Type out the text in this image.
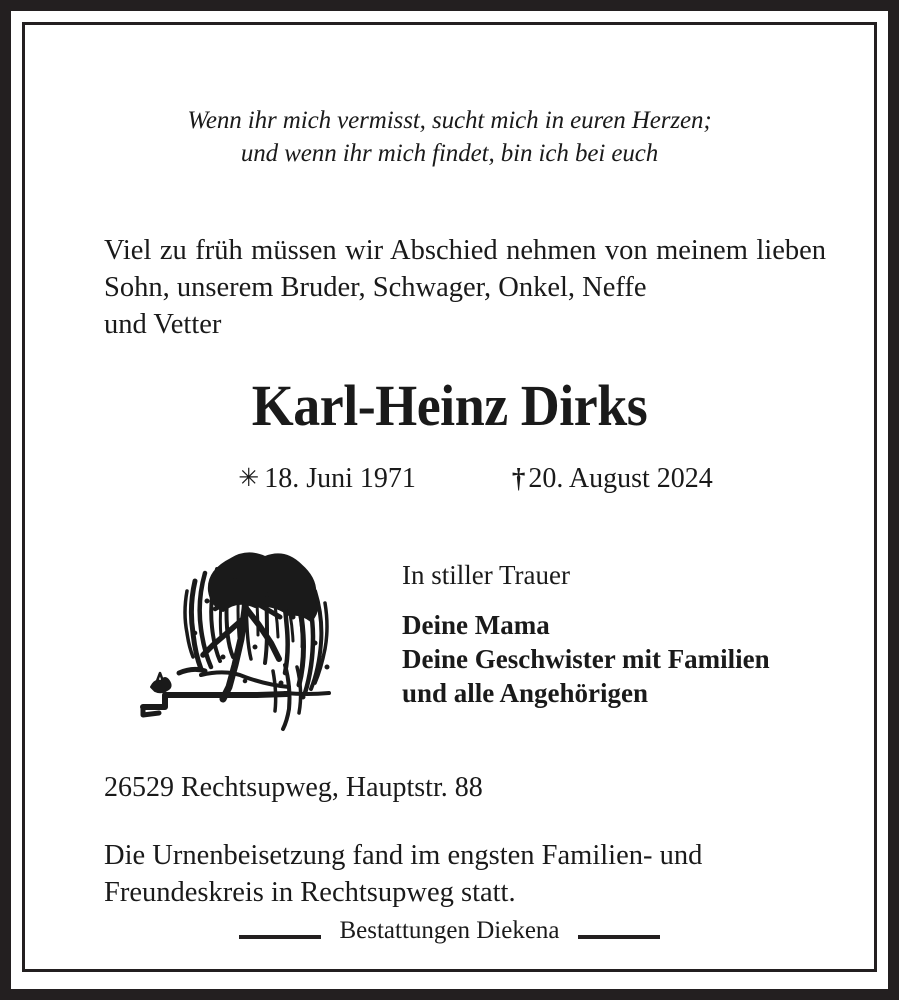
Wenn ihr mich vermisst, sucht mich in euren Herzen;
und wenn ihr mich findet, bin ich bei euch
Viel zu früh müssen wir Abschied nehmen von meinem lieben Sohn, unserem Bruder, Schwager, Onkel, Neffe
und Vetter
Karl-Heinz Dirks
✳ 18. Juni 1971	† 20. August 2024
In stiller Trauer
Deine Mama
Deine Geschwister mit Familien
und alle Angehörigen
26529 Rechtsupweg, Hauptstr. 88
Die Urnenbeisetzung fand im engsten Familien- und
Freundeskreis in Rechtsupweg statt.
Bestattungen Diekena
